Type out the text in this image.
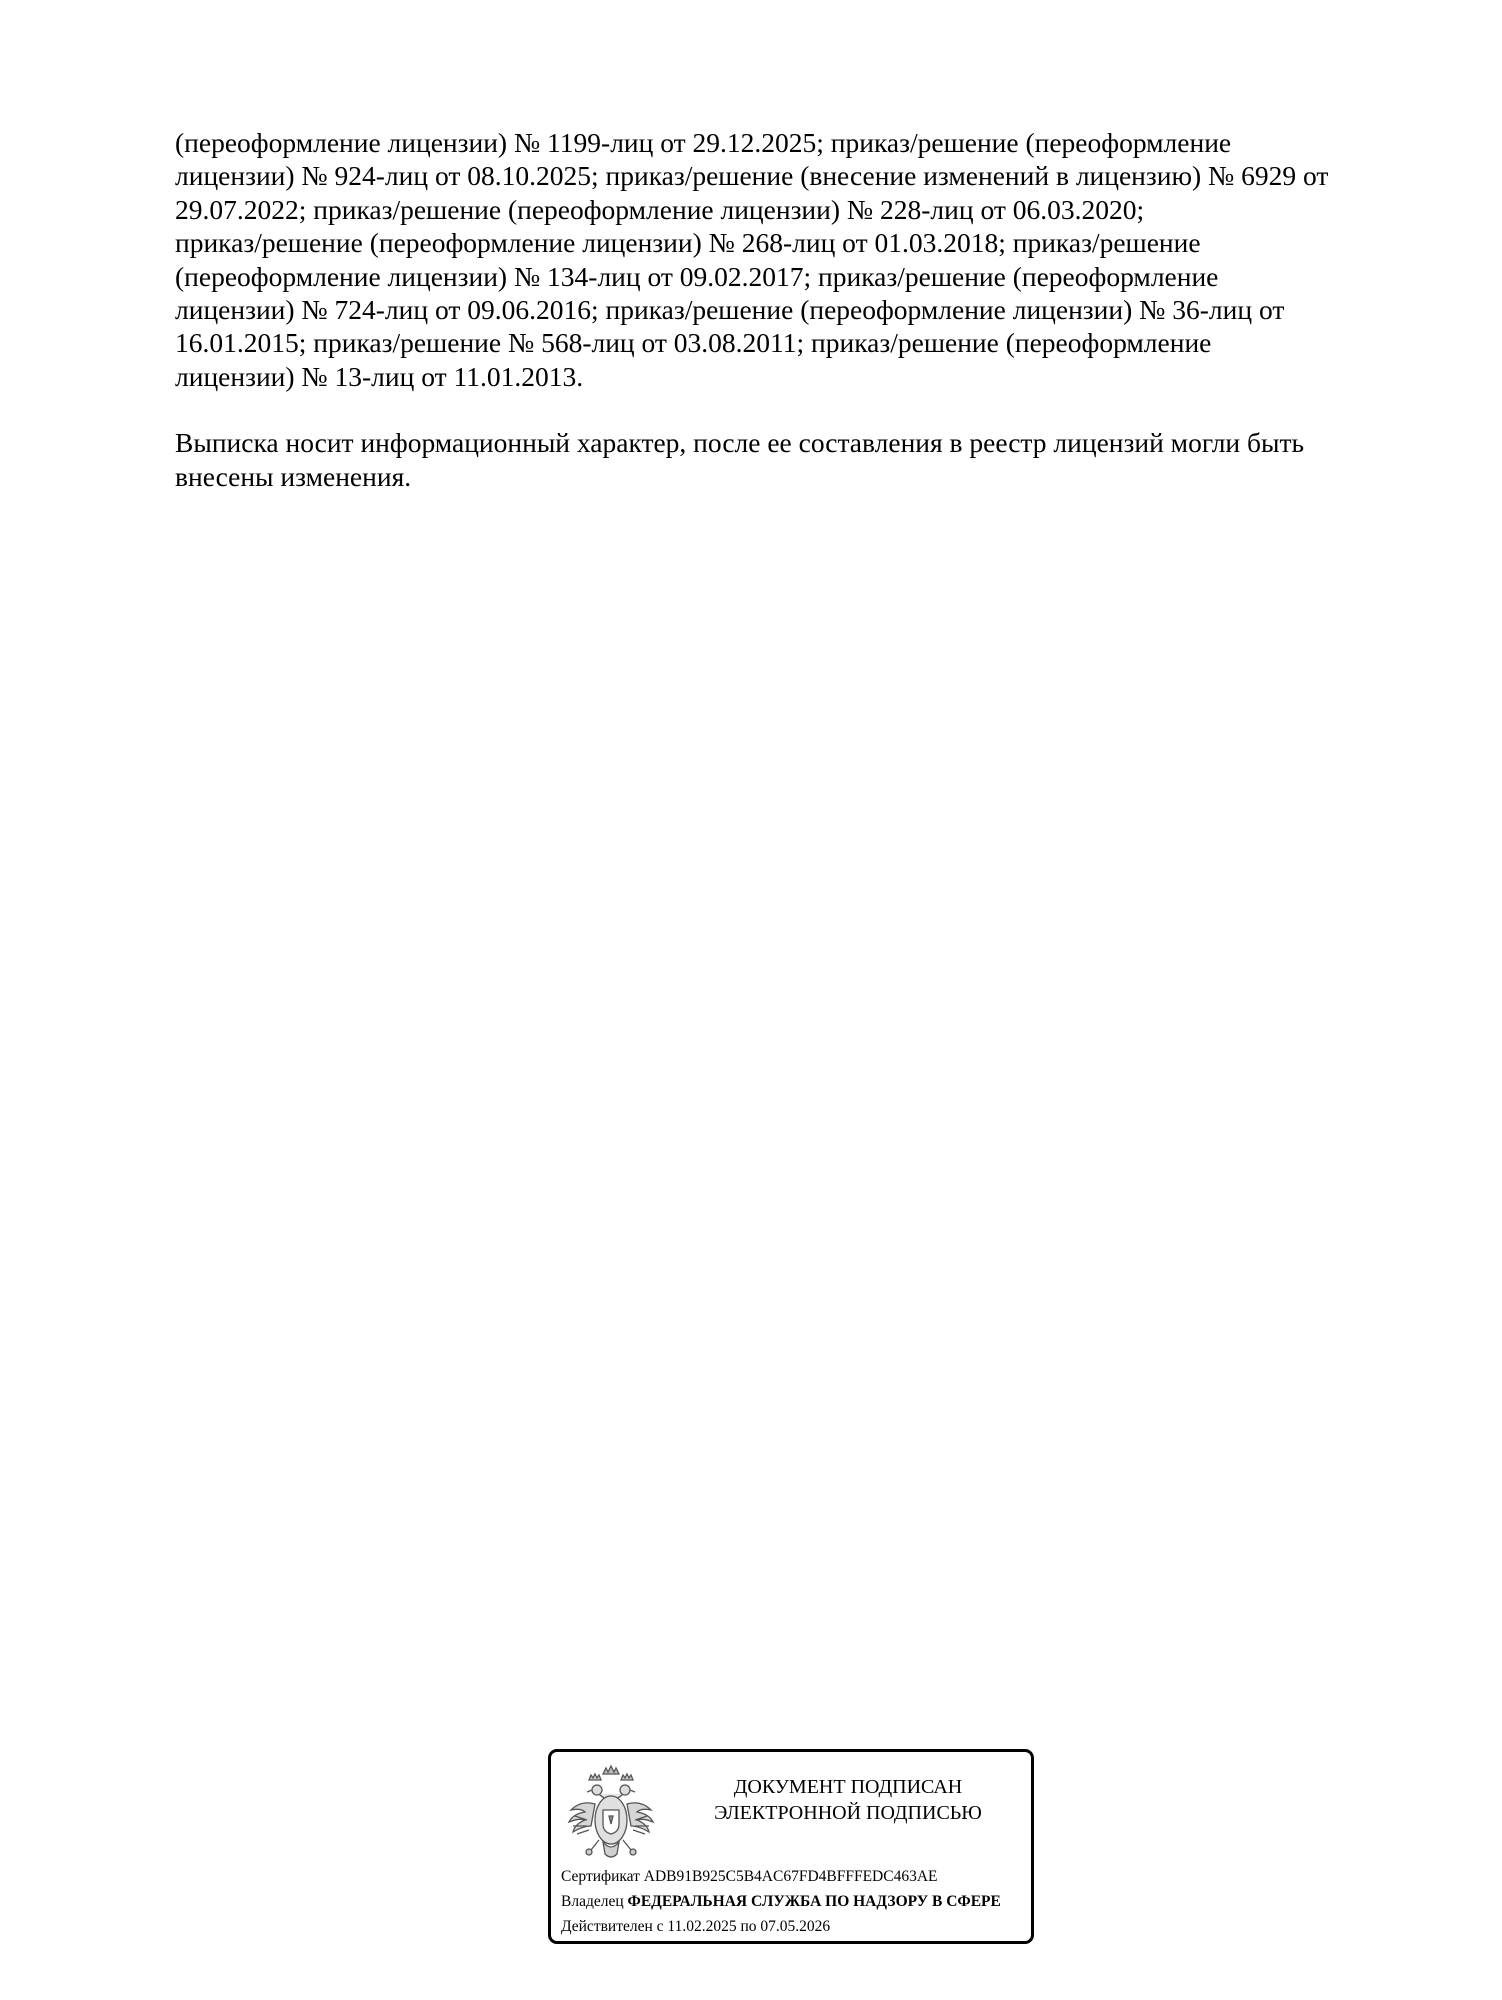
(переоформление лицензии) № 1199-лиц от 29.12.2025; приказ/решение (переоформление
лицензии) № 924-лиц от 08.10.2025; приказ/решение (внесение изменений в лицензию) № 6929 от
29.07.2022; приказ/решение (переоформление лицензии) № 228-лиц от 06.03.2020;
приказ/решение (переоформление лицензии) № 268-лиц от 01.03.2018; приказ/решение
(переоформление лицензии) № 134-лиц от 09.02.2017; приказ/решение (переоформление
лицензии) № 724-лиц от 09.06.2016; приказ/решение (переоформление лицензии) № 36-лиц от
16.01.2015; приказ/решение № 568-лиц от 03.08.2011; приказ/решение (переоформление
лицензии) № 13-лиц от 11.01.2013.

Выписка носит информационный характер, после ее составления в реестр лицензий могли быть
внесены изменения.

ДОКУМЕНТ ПОДПИСАН
ЭЛЕКТРОННОЙ ПОДПИСЬЮ
Сертификат ADB91B925C5B4AC67FD4BFFFEDC463AE
Владелец ФЕДЕРАЛЬНАЯ СЛУЖБА ПО НАДЗОРУ В СФЕРЕ
Действителен с 11.02.2025 по 07.05.2026
